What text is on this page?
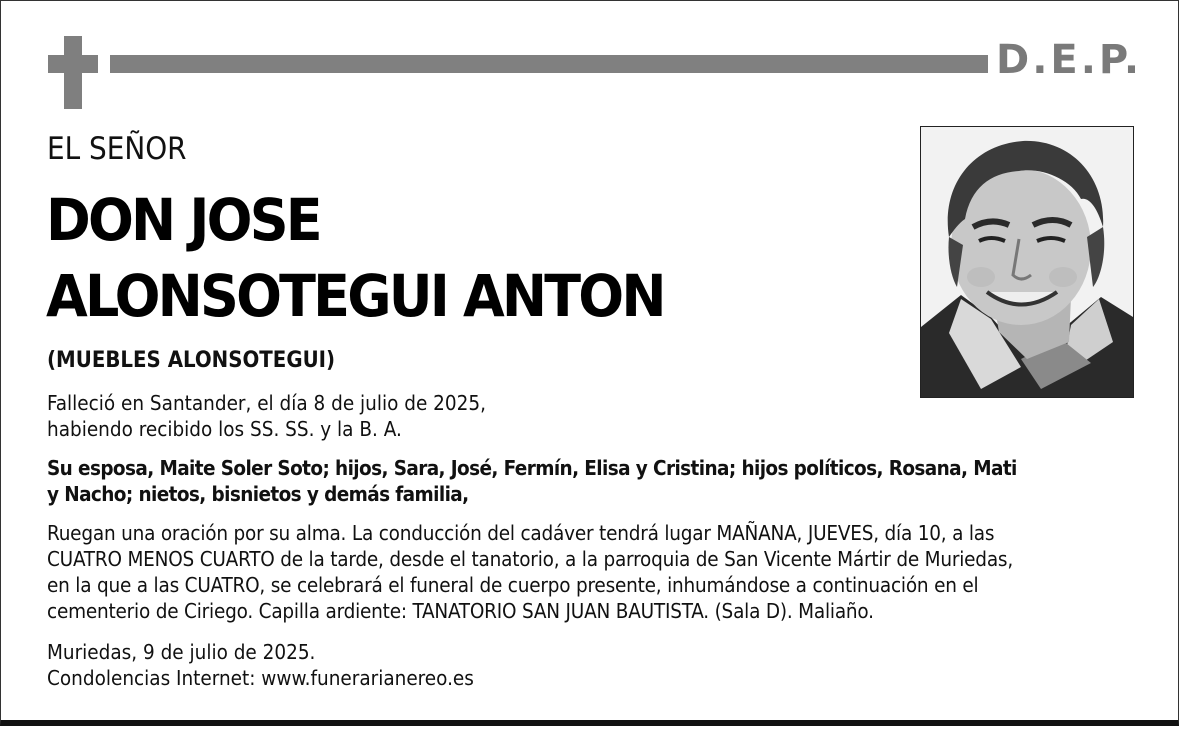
D.E.P.
EL SEÑOR
DON JOSE
ALONSOTEGUI ANTON
(MUEBLES ALONSOTEGUI)
Falleció en Santander, el día 8 de julio de 2025,
habiendo recibido los SS. SS. y la B. A.
Su esposa, Maite Soler Soto; hijos, Sara, José, Fermín, Elisa y Cristina; hijos políticos, Rosana, Mati
y Nacho; nietos, bisnietos y demás familia,
Ruegan una oración por su alma. La conducción del cadáver tendrá lugar MAÑANA, JUEVES, día 10, a las
CUATRO MENOS CUARTO de la tarde, desde el tanatorio, a la parroquia de San Vicente Mártir de Muriedas,
en la que a las CUATRO, se celebrará el funeral de cuerpo presente, inhumándose a continuación en el
cementerio de Ciriego. Capilla ardiente: TANATORIO SAN JUAN BAUTISTA. (Sala D). Maliaño.
Muriedas, 9 de julio de 2025.
Condolencias Internet: www.funerarianereo.es
